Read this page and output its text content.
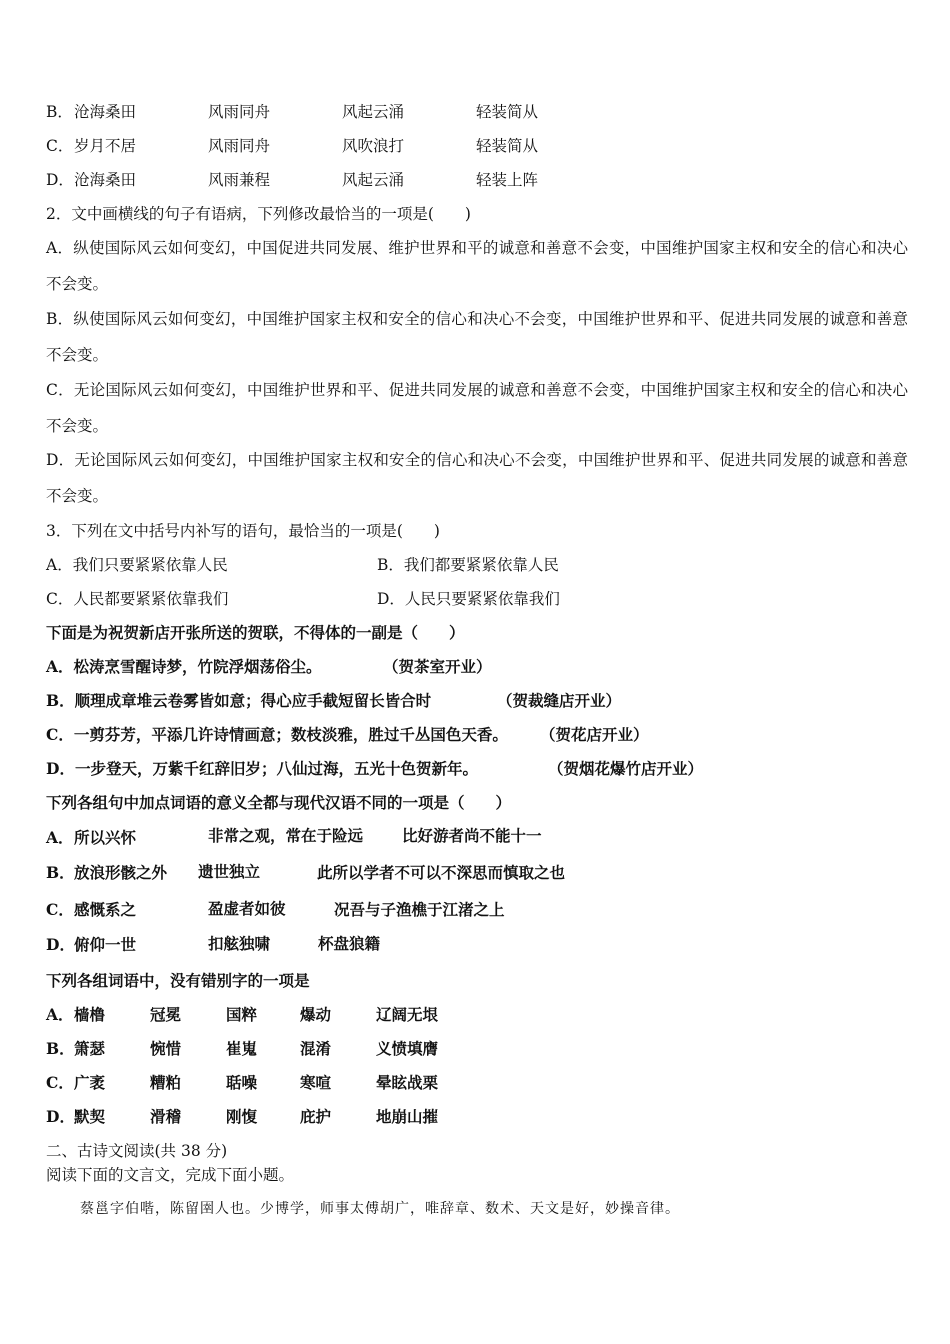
B． 沧海桑田	风雨同舟	风起云涌	轻装简从
C． 岁月不居	风雨同舟	风吹浪打	轻装简从
D． 沧海桑田	风雨兼程	风起云涌	轻装上阵
2．文中画横线的句子有语病，下列修改最恰当的一项是(　　)
A．纵使国际风云如何变幻，中国促进共同发展、维护世界和平的诚意和善意不会变，中国维护国家主权和安全的信心和决心不会变。
B．纵使国际风云如何变幻，中国维护国家主权和安全的信心和决心不会变，中国维护世界和平、促进共同发展的诚意和善意不会变。
C．无论国际风云如何变幻，中国维护世界和平、促进共同发展的诚意和善意不会变，中国维护国家主权和安全的信心和决心不会变。
D．无论国际风云如何变幻，中国维护国家主权和安全的信心和决心不会变，中国维护世界和平、促进共同发展的诚意和善意不会变。
3．下列在文中括号内补写的语句，最恰当的一项是(　　)
A．我们只要紧紧依靠人民	B．我们都要紧紧依靠人民
C．人民都要紧紧依靠我们	D．人民只要紧紧依靠我们
下面是为祝贺新店开张所送的贺联，不得体的一副是（　　）
A．松涛烹雪醒诗梦，竹院浮烟荡俗尘。	（贺茶室开业）
B．顺理成章堆云卷雾皆如意；得心应手截短留长皆合时	（贺裁缝店开业）
C．一剪芬芳，平添几许诗情画意；数枝淡雅，胜过千丛国色天香。 （贺花店开业）
D．一步登天，万紫千红辞旧岁；八仙过海，五光十色贺新年。	（贺烟花爆竹店开业）
下列各组句中加点词语的意义全都与现代汉语不同的一项是（　　）
A． 所以兴怀	非常之观，常在于险远	比好游者尚不能十一
B． 放浪形骸之外 遗世独立	此所以学者不可以不深思而慎取之也
C． 感慨系之	盈虚者如彼	况吾与子渔樵于江渚之上
D． 俯仰一世	扣舷独啸	杯盘狼籍
下列各组词语中，没有错别字的一项是
A． 樯橹	冠冕	国粹	爆动	辽阔无垠
B． 箫瑟	惋惜	崔嵬	混淆	义愤填膺
C． 广袤	糟粕	聒噪	寒喧	晕眩战栗
D． 默契	滑稽	刚愎	庇护	地崩山摧
二、古诗文阅读(共 38 分)
阅读下面的文言文，完成下面小题。
蔡邕字伯喈，陈留圉人也。少博学，师事太傅胡广，唯辞章、数术、天文是好，妙操音律。
